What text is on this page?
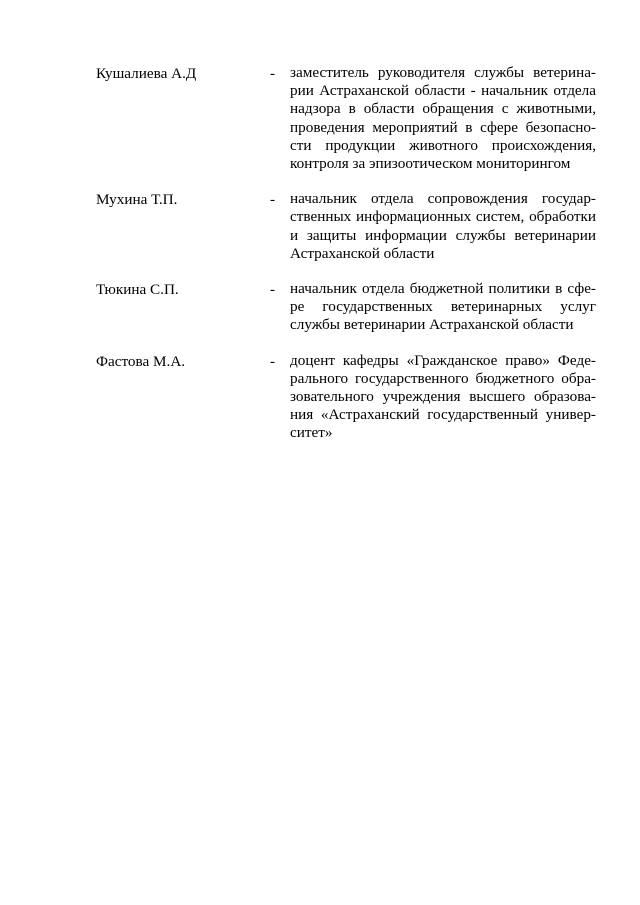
Кушалиева А.Д	- заместитель руководителя службы ветерина-
рии Астраханской области - начальник отдела
надзора в области обращения с животными,
проведения мероприятий в сфере безопасно-
сти продукции животного происхождения,
контроля за эпизоотическом мониторингом
Мухина Т.П.	- начальник отдела сопровождения государ-
ственных информационных систем, обработки
и защиты информации службы ветеринарии
Астраханской области
Тюкина С.П.	- начальник отдела бюджетной политики в сфе-
ре государственных ветеринарных услуг
службы ветеринарии Астраханской области
Фастова М.А.	- доцент кафедры «Гражданское право» Феде-
рального государственного бюджетного обра-
зовательного учреждения высшего образова-
ния «Астраханский государственный универ-
ситет»
